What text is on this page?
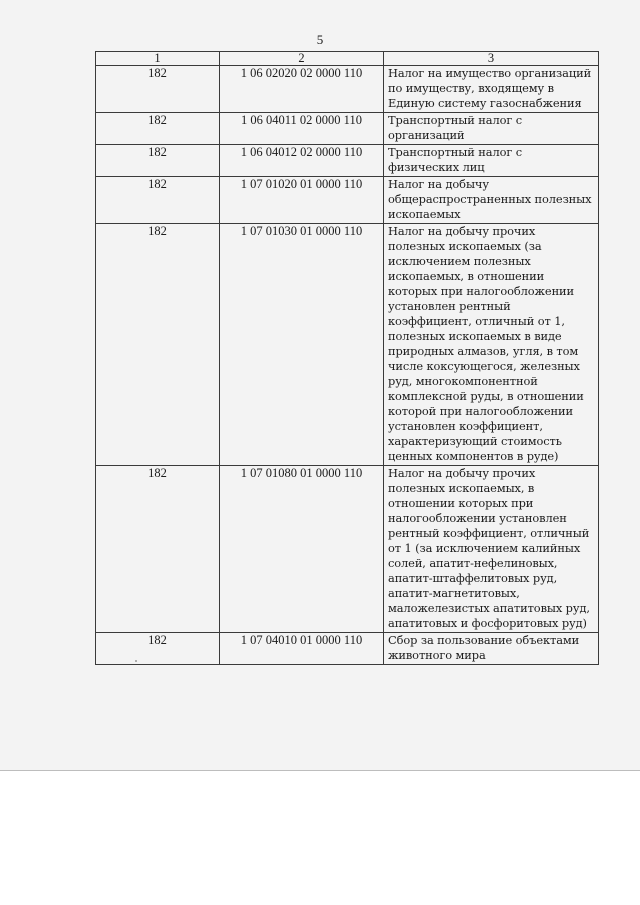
5
1	2	3
182	1 06 02020 02 0000 110	Налог на имущество организаций по имуществу, входящему в Единую систему газоснабжения
182	1 06 04011 02 0000 110	Транспортный налог с организаций
182	1 06 04012 02 0000 110	Транспортный налог с физических лиц
182	1 07 01020 01 0000 110	Налог на добычу общераспространенных полезных ископаемых
182	1 07 01030 01 0000 110	Налог на добычу прочих полезных ископаемых (за исключением полезных ископаемых, в отношении которых при налогообложении установлен рентный коэффициент, отличный от 1, полезных ископаемых в виде природных алмазов, угля, в том числе коксующегося, железных руд, многокомпонентной комплексной руды, в отношении которой при налогообложении установлен коэффициент, характеризующий стоимость ценных компонентов в руде)
182	1 07 01080 01 0000 110	Налог на добычу прочих полезных ископаемых, в отношении которых при налогообложении установлен рентный коэффициент, отличный от 1 (за исключением калийных солей, апатит-нефелиновых, апатит-штаффелитовых руд, апатит-магнетитовых, маложелезистых апатитовых руд, апатитовых и фосфоритовых руд)
182	1 07 04010 01 0000 110	Сбор за пользование объектами животного мира
